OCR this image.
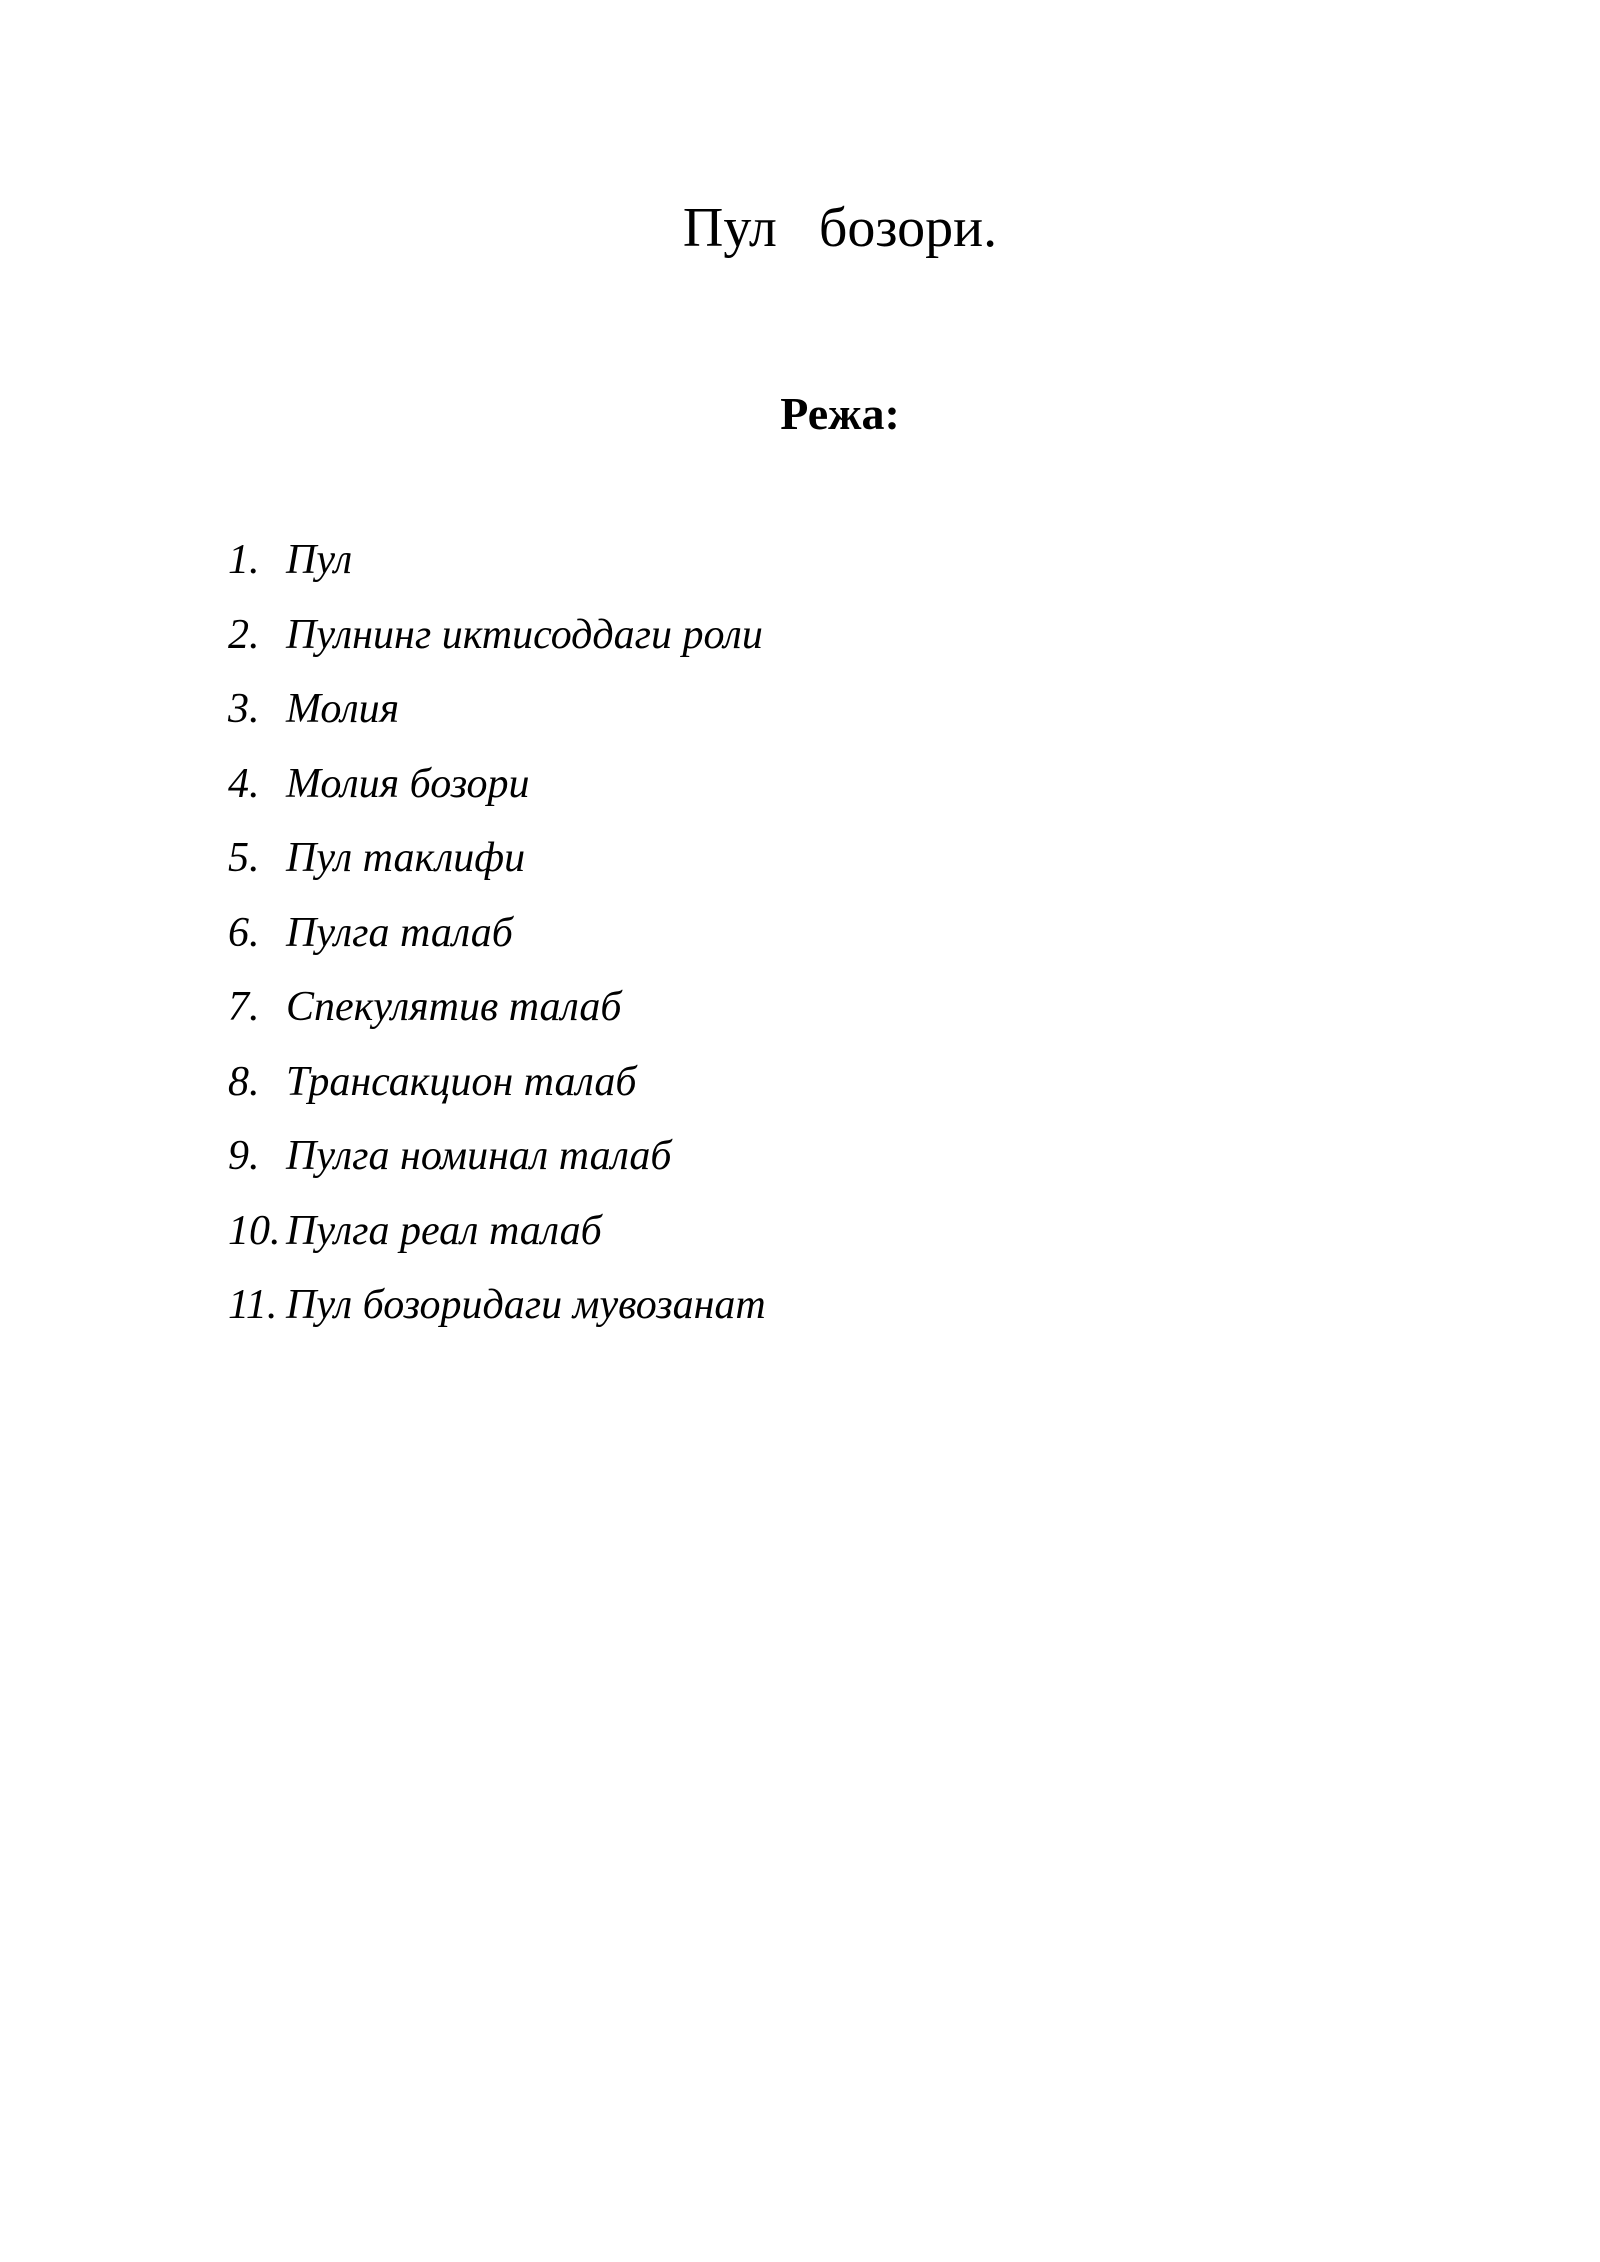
Пул   бозори.
Режа:
1. Пул
2. Пулнинг иктисоддаги роли
3. Молия
4. Молия бозори
5. Пул таклифи
6. Пулга талаб
7. Спекулятив талаб
8. Трансакцион талаб
9. Пулга номинал талаб
10. Пулга реал талаб
11. Пул бозоридаги мувозанат
